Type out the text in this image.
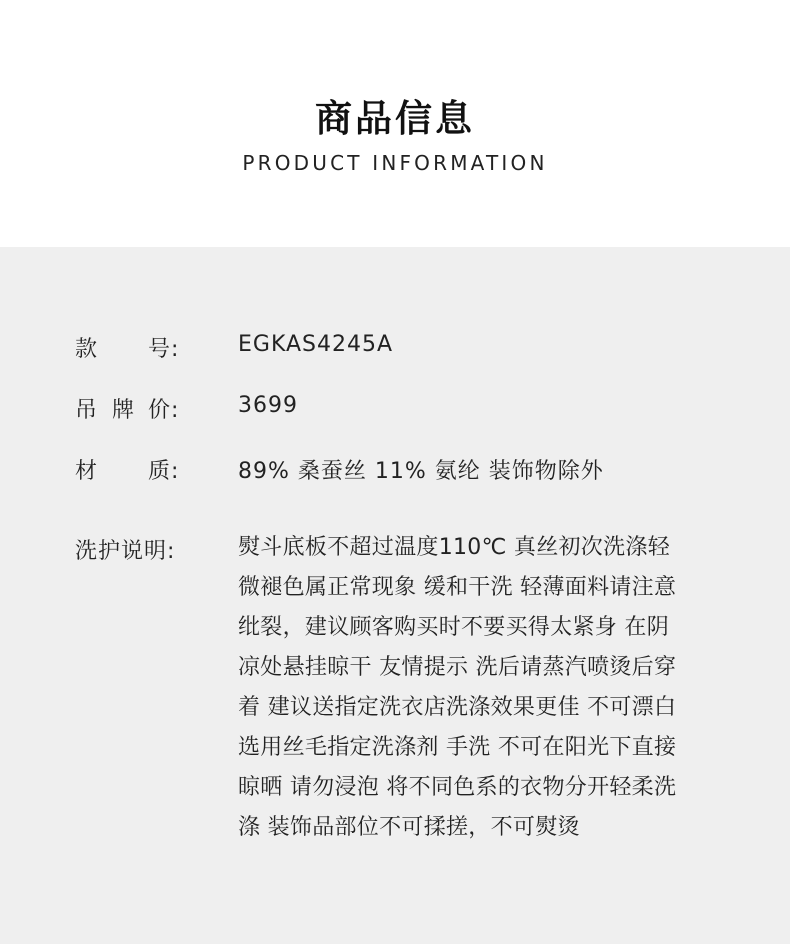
商品信息
PRODUCT INFORMATION
款 号:	EGKAS4245A
吊 牌 价:	3699
材 质:	89% 桑蚕丝 11% 氨纶 装饰物除外
洗护说明:	熨斗底板不超过温度110℃ 真丝初次洗涤轻
微褪色属正常现象 缓和干洗 轻薄面料请注意
纰裂，建议顾客购买时不要买得太紧身 在阴
凉处悬挂晾干 友情提示 洗后请蒸汽喷烫后穿
着 建议送指定洗衣店洗涤效果更佳 不可漂白
选用丝毛指定洗涤剂 手洗 不可在阳光下直接
晾晒 请勿浸泡 将不同色系的衣物分开轻柔洗
涤 装饰品部位不可揉搓，不可熨烫
